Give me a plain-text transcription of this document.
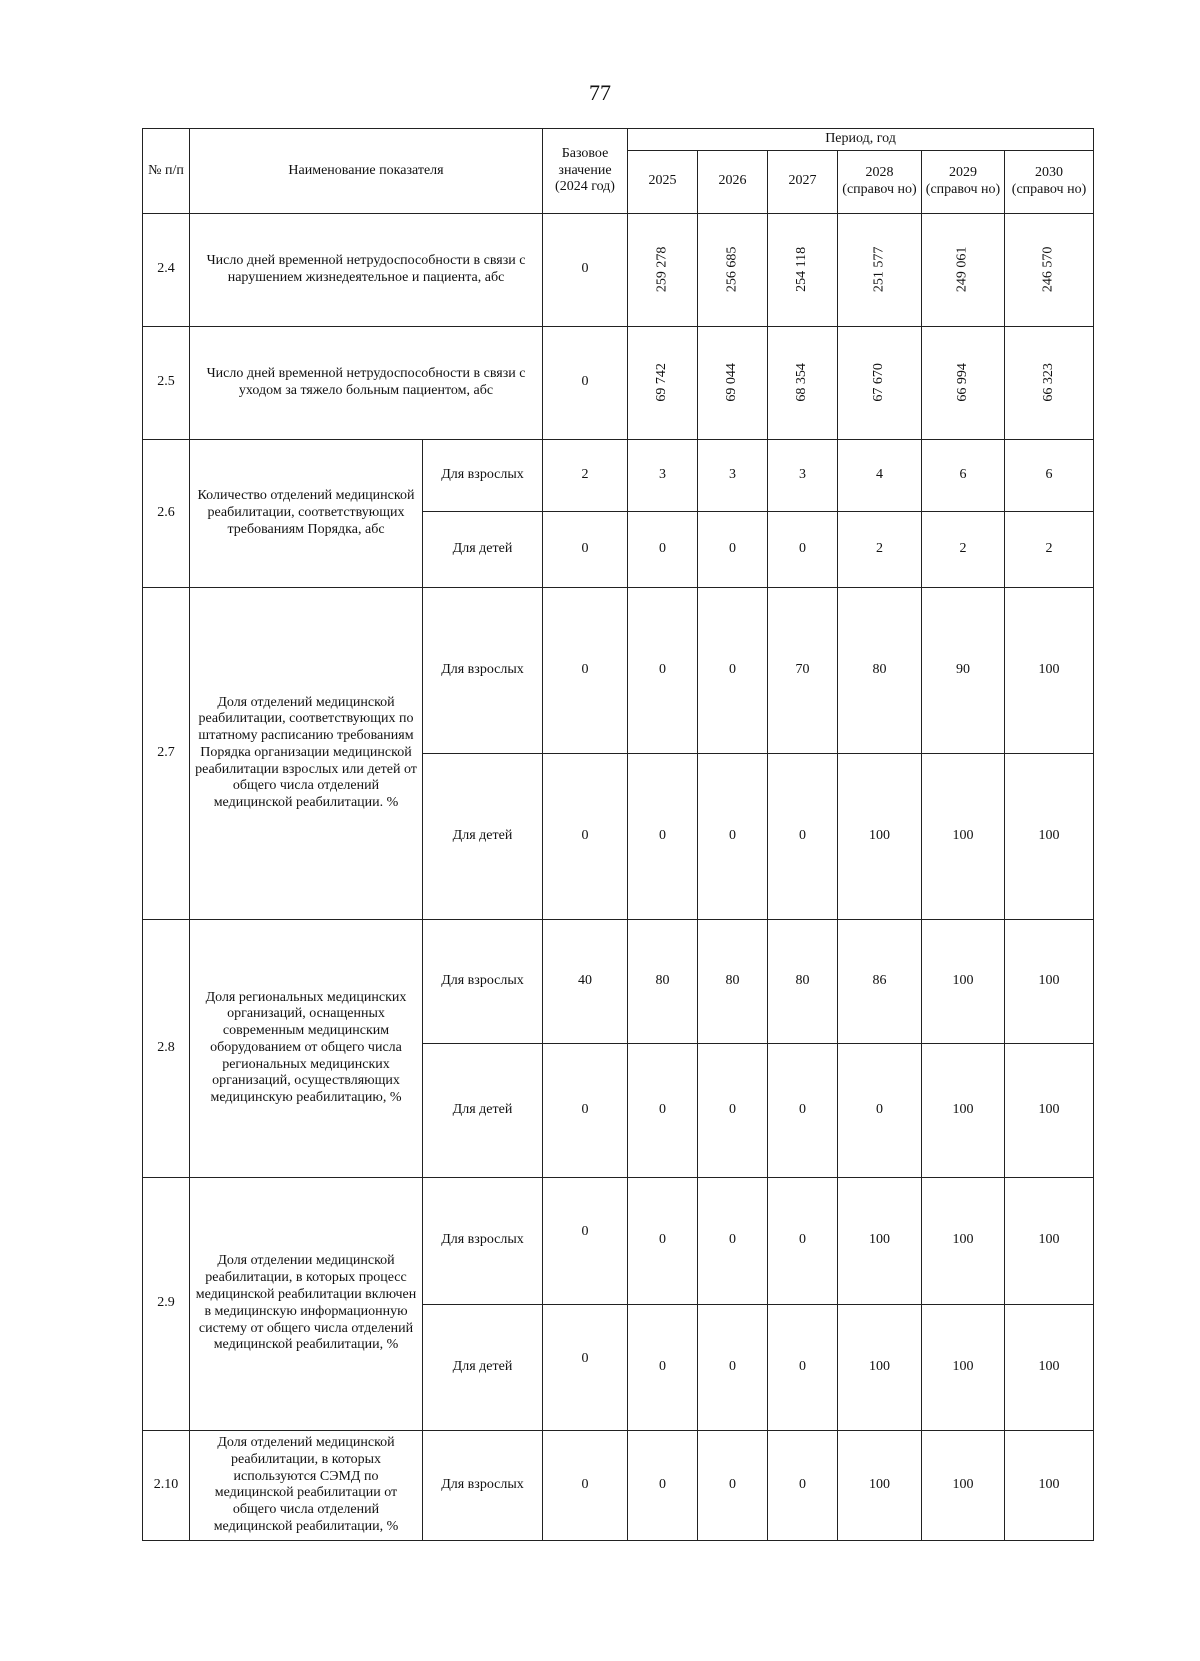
77
№ п/п	Наименование показателя		Базовое значение (2024 год)	Период, год					
				2025	2026	2027	2028 (справоч но)	2029 (справоч но)	2030 (справоч но)
2.4	Число дней временной нетрудоспособности в связи с нарушением жизнедеятельное и пациента, абс		0	259 278	256 685	254 118	251 577	249 061	246 570
2.5	Число дней временной нетрудоспособности в связи с уходом за тяжело больным пациентом, абс		0	69 742	69 044	68 354	67 670	66 994	66 323
2.6	Количество отделений медицинской реабилитации, соответствующих требованиям Порядка, абс	Для взрослых	2	3	3	3	4	6	6
		Для детей	0	0	0	0	2	2	2
2.7	Доля отделений медицинской реабилитации, соответствующих по штатному расписанию требованиям Порядка организации медицинской реабилитации взрослых или детей от общего числа отделений медицинской реабилитации. %	Для взрослых	0	0	0	70	80	90	100
		Для детей	0	0	0	0	100	100	100
2.8	Доля региональных медицинских организаций, оснащенных современным медицинским оборудованием от общего числа региональных медицинских организаций, осуществляющих медицинскую реабилитацию, %	Для взрослых	40	80	80	80	86	100	100
		Для детей	0	0	0	0	0	100	100
2.9	Доля отделении медицинской реабилитации, в которых процесс медицинской реабилитации включен в медицинскую информационную систему от общего числа отделений медицинской реабилитации, %	Для взрослых	0	0	0	0	100	100	100
		Для детей	0	0	0	0	100	100	100
2.10	Доля отделений медицинской реабилитации, в которых используются СЭМД по медицинской реабилитации от общего числа отделений медицинской реабилитации, %	Для взрослых	0	0	0	0	100	100	100
